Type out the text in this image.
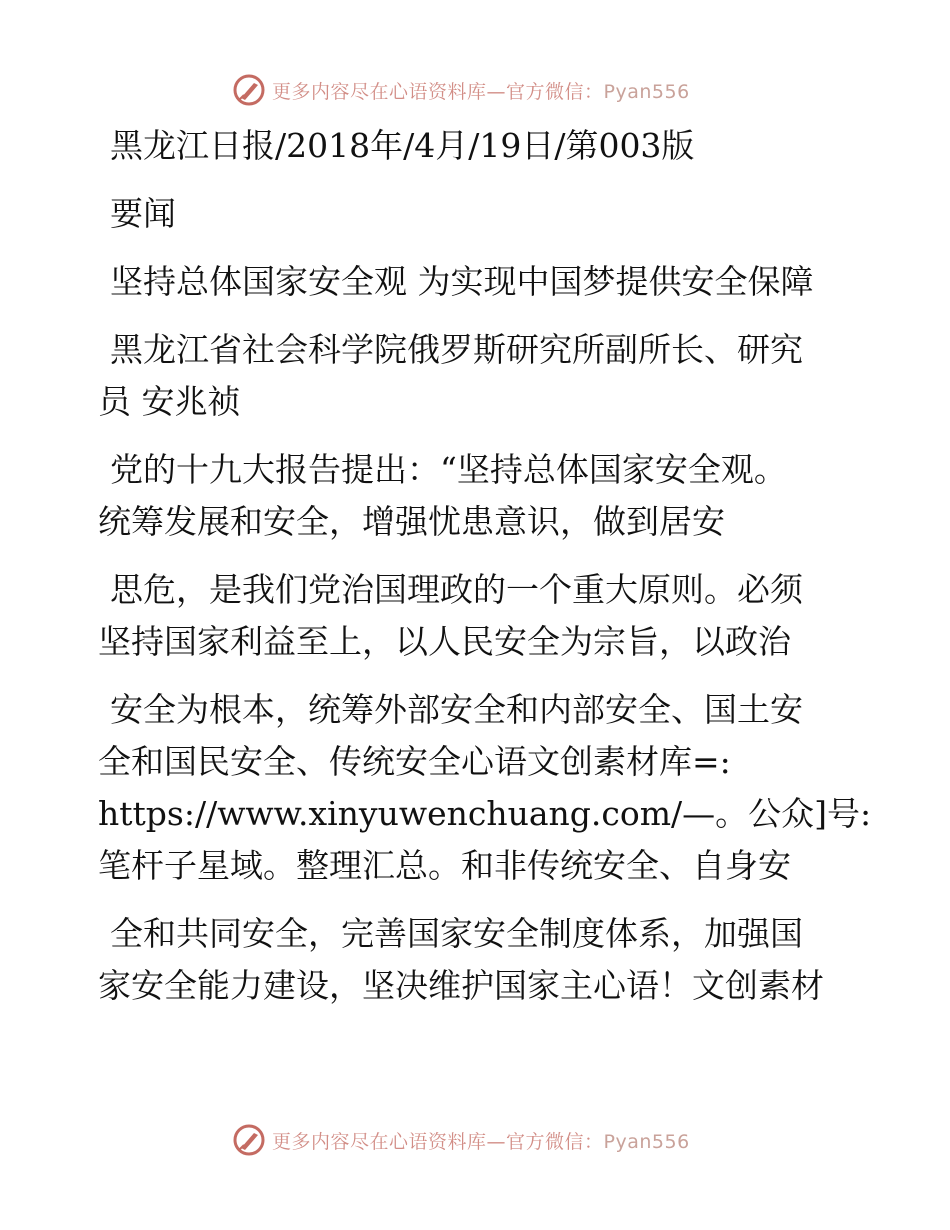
更多内容尽在心语资料库—官方微信：Pyan556
黑龙江日报/2018年/4月/19日/第003版
要闻
坚持总体国家安全观 为实现中国梦提供安全保障
黑龙江省社会科学院俄罗斯研究所副所长、研究
员 安兆祯
党的十九大报告提出：“坚持总体国家安全观。
统筹发展和安全，增强忧患意识，做到居安
思危，是我们党治国理政的一个重大原则。必须
坚持国家利益至上，以人民安全为宗旨，以政治
安全为根本，统筹外部安全和内部安全、国土安
全和国民安全、传统安全心语文创素材库=:
https://www.xinyuwenchuang.com/—。公众]号:
笔杆子星域。整理汇总。和非传统安全、自身安
全和共同安全，完善国家安全制度体系，加强国
家安全能力建设，坚决维护国家主心语！文创素材
更多内容尽在心语资料库—官方微信：Pyan556
